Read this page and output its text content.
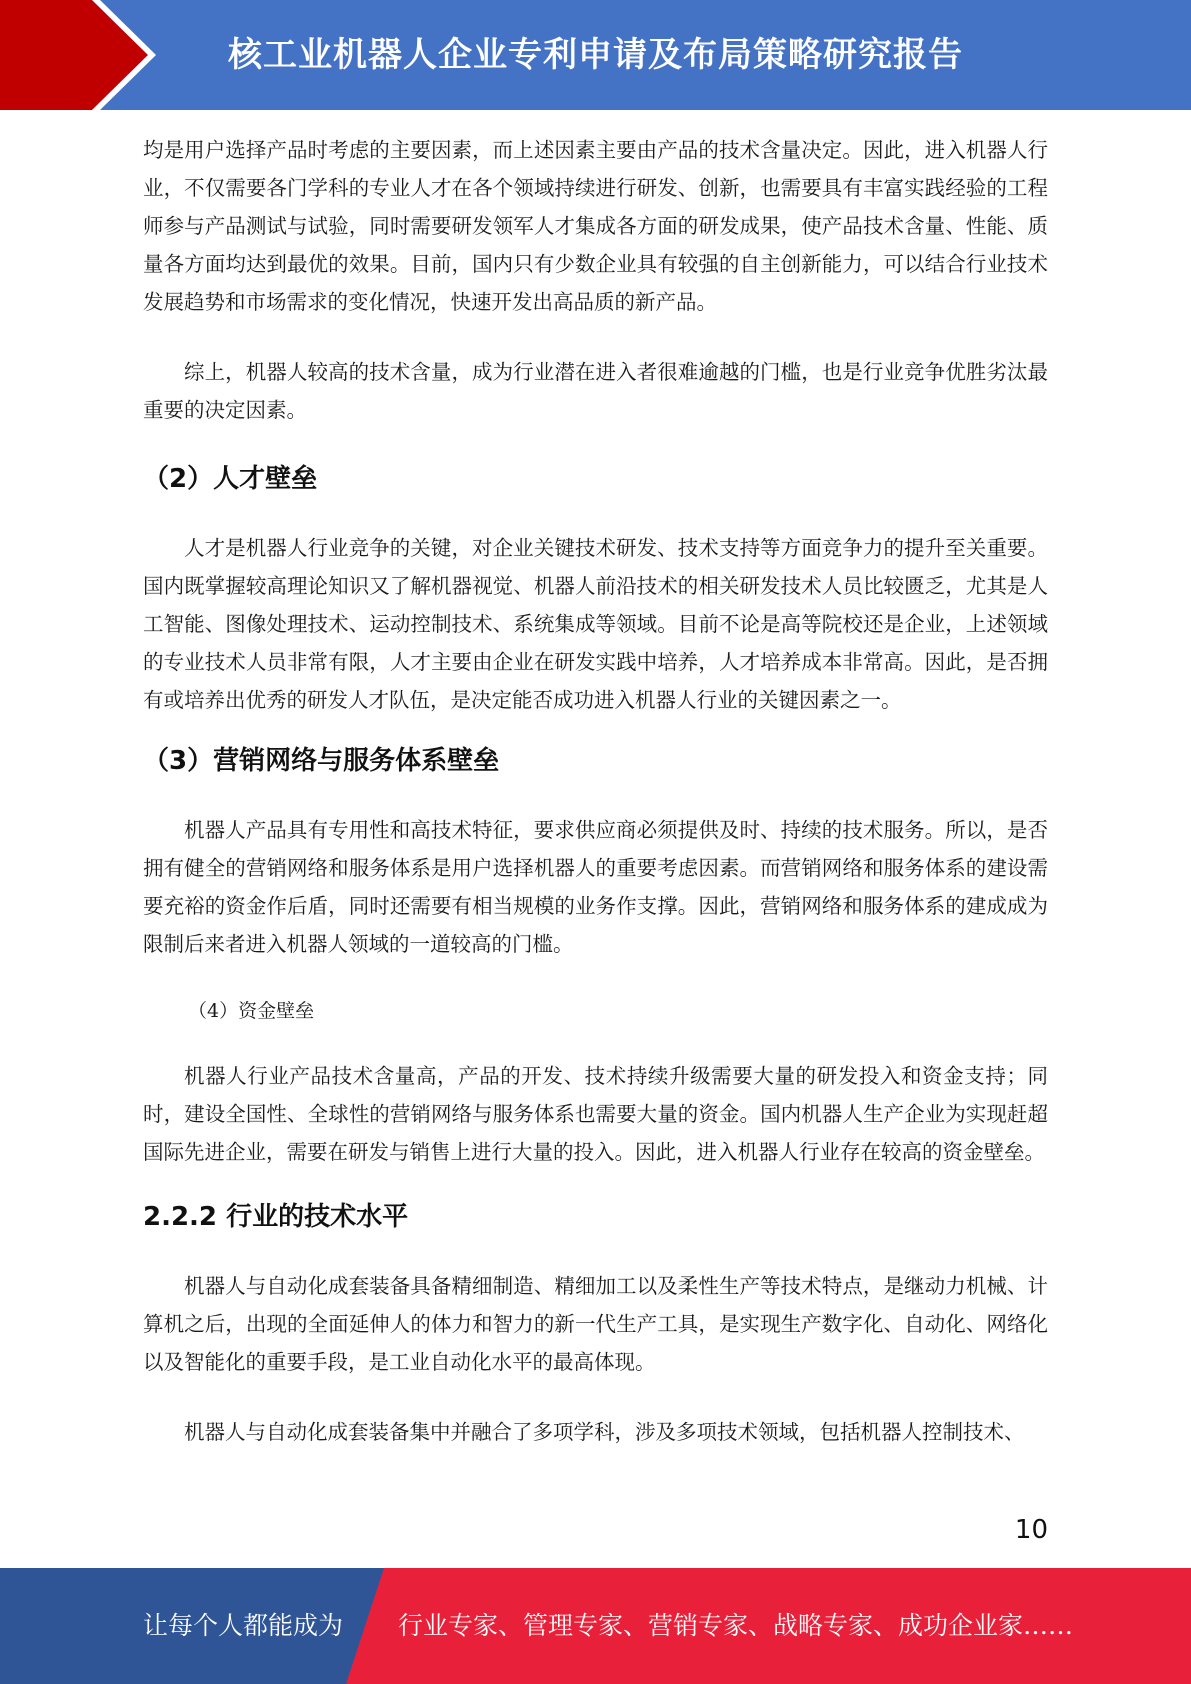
核工业机器人企业专利申请及布局策略研究报告

均是用户选择产品时考虑的主要因素，而上述因素主要由产品的技术含量决定。因此，进入机器人行业，不仅需要各门学科的专业人才在各个领域持续进行研发、创新，也需要具有丰富实践经验的工程师参与产品测试与试验，同时需要研发领军人才集成各方面的研发成果，使产品技术含量、性能、质量各方面均达到最优的效果。目前，国内只有少数企业具有较强的自主创新能力，可以结合行业技术发展趋势和市场需求的变化情况，快速开发出高品质的新产品。

综上，机器人较高的技术含量，成为行业潜在进入者很难逾越的门槛，也是行业竞争优胜劣汰最重要的决定因素。

（2）人才壁垒

人才是机器人行业竞争的关键，对企业关键技术研发、技术支持等方面竞争力的提升至关重要。国内既掌握较高理论知识又了解机器视觉、机器人前沿技术的相关研发技术人员比较匮乏，尤其是人工智能、图像处理技术、运动控制技术、系统集成等领域。目前不论是高等院校还是企业，上述领域的专业技术人员非常有限，人才主要由企业在研发实践中培养，人才培养成本非常高。因此，是否拥有或培养出优秀的研发人才队伍，是决定能否成功进入机器人行业的关键因素之一。

（3）营销网络与服务体系壁垒

机器人产品具有专用性和高技术特征，要求供应商必须提供及时、持续的技术服务。所以，是否拥有健全的营销网络和服务体系是用户选择机器人的重要考虑因素。而营销网络和服务体系的建设需要充裕的资金作后盾，同时还需要有相当规模的业务作支撑。因此，营销网络和服务体系的建成成为限制后来者进入机器人领域的一道较高的门槛。

（4）资金壁垒

机器人行业产品技术含量高，产品的开发、技术持续升级需要大量的研发投入和资金支持；同时，建设全国性、全球性的营销网络与服务体系也需要大量的资金。国内机器人生产企业为实现赶超国际先进企业，需要在研发与销售上进行大量的投入。因此，进入机器人行业存在较高的资金壁垒。

2.2.2 行业的技术水平

机器人与自动化成套装备具备精细制造、精细加工以及柔性生产等技术特点，是继动力机械、计算机之后，出现的全面延伸人的体力和智力的新一代生产工具，是实现生产数字化、自动化、网络化以及智能化的重要手段，是工业自动化水平的最高体现。

机器人与自动化成套装备集中并融合了多项学科，涉及多项技术领域，包括机器人控制技术、

10
让每个人都能成为 行业专家、管理专家、营销专家、战略专家、成功企业家……
